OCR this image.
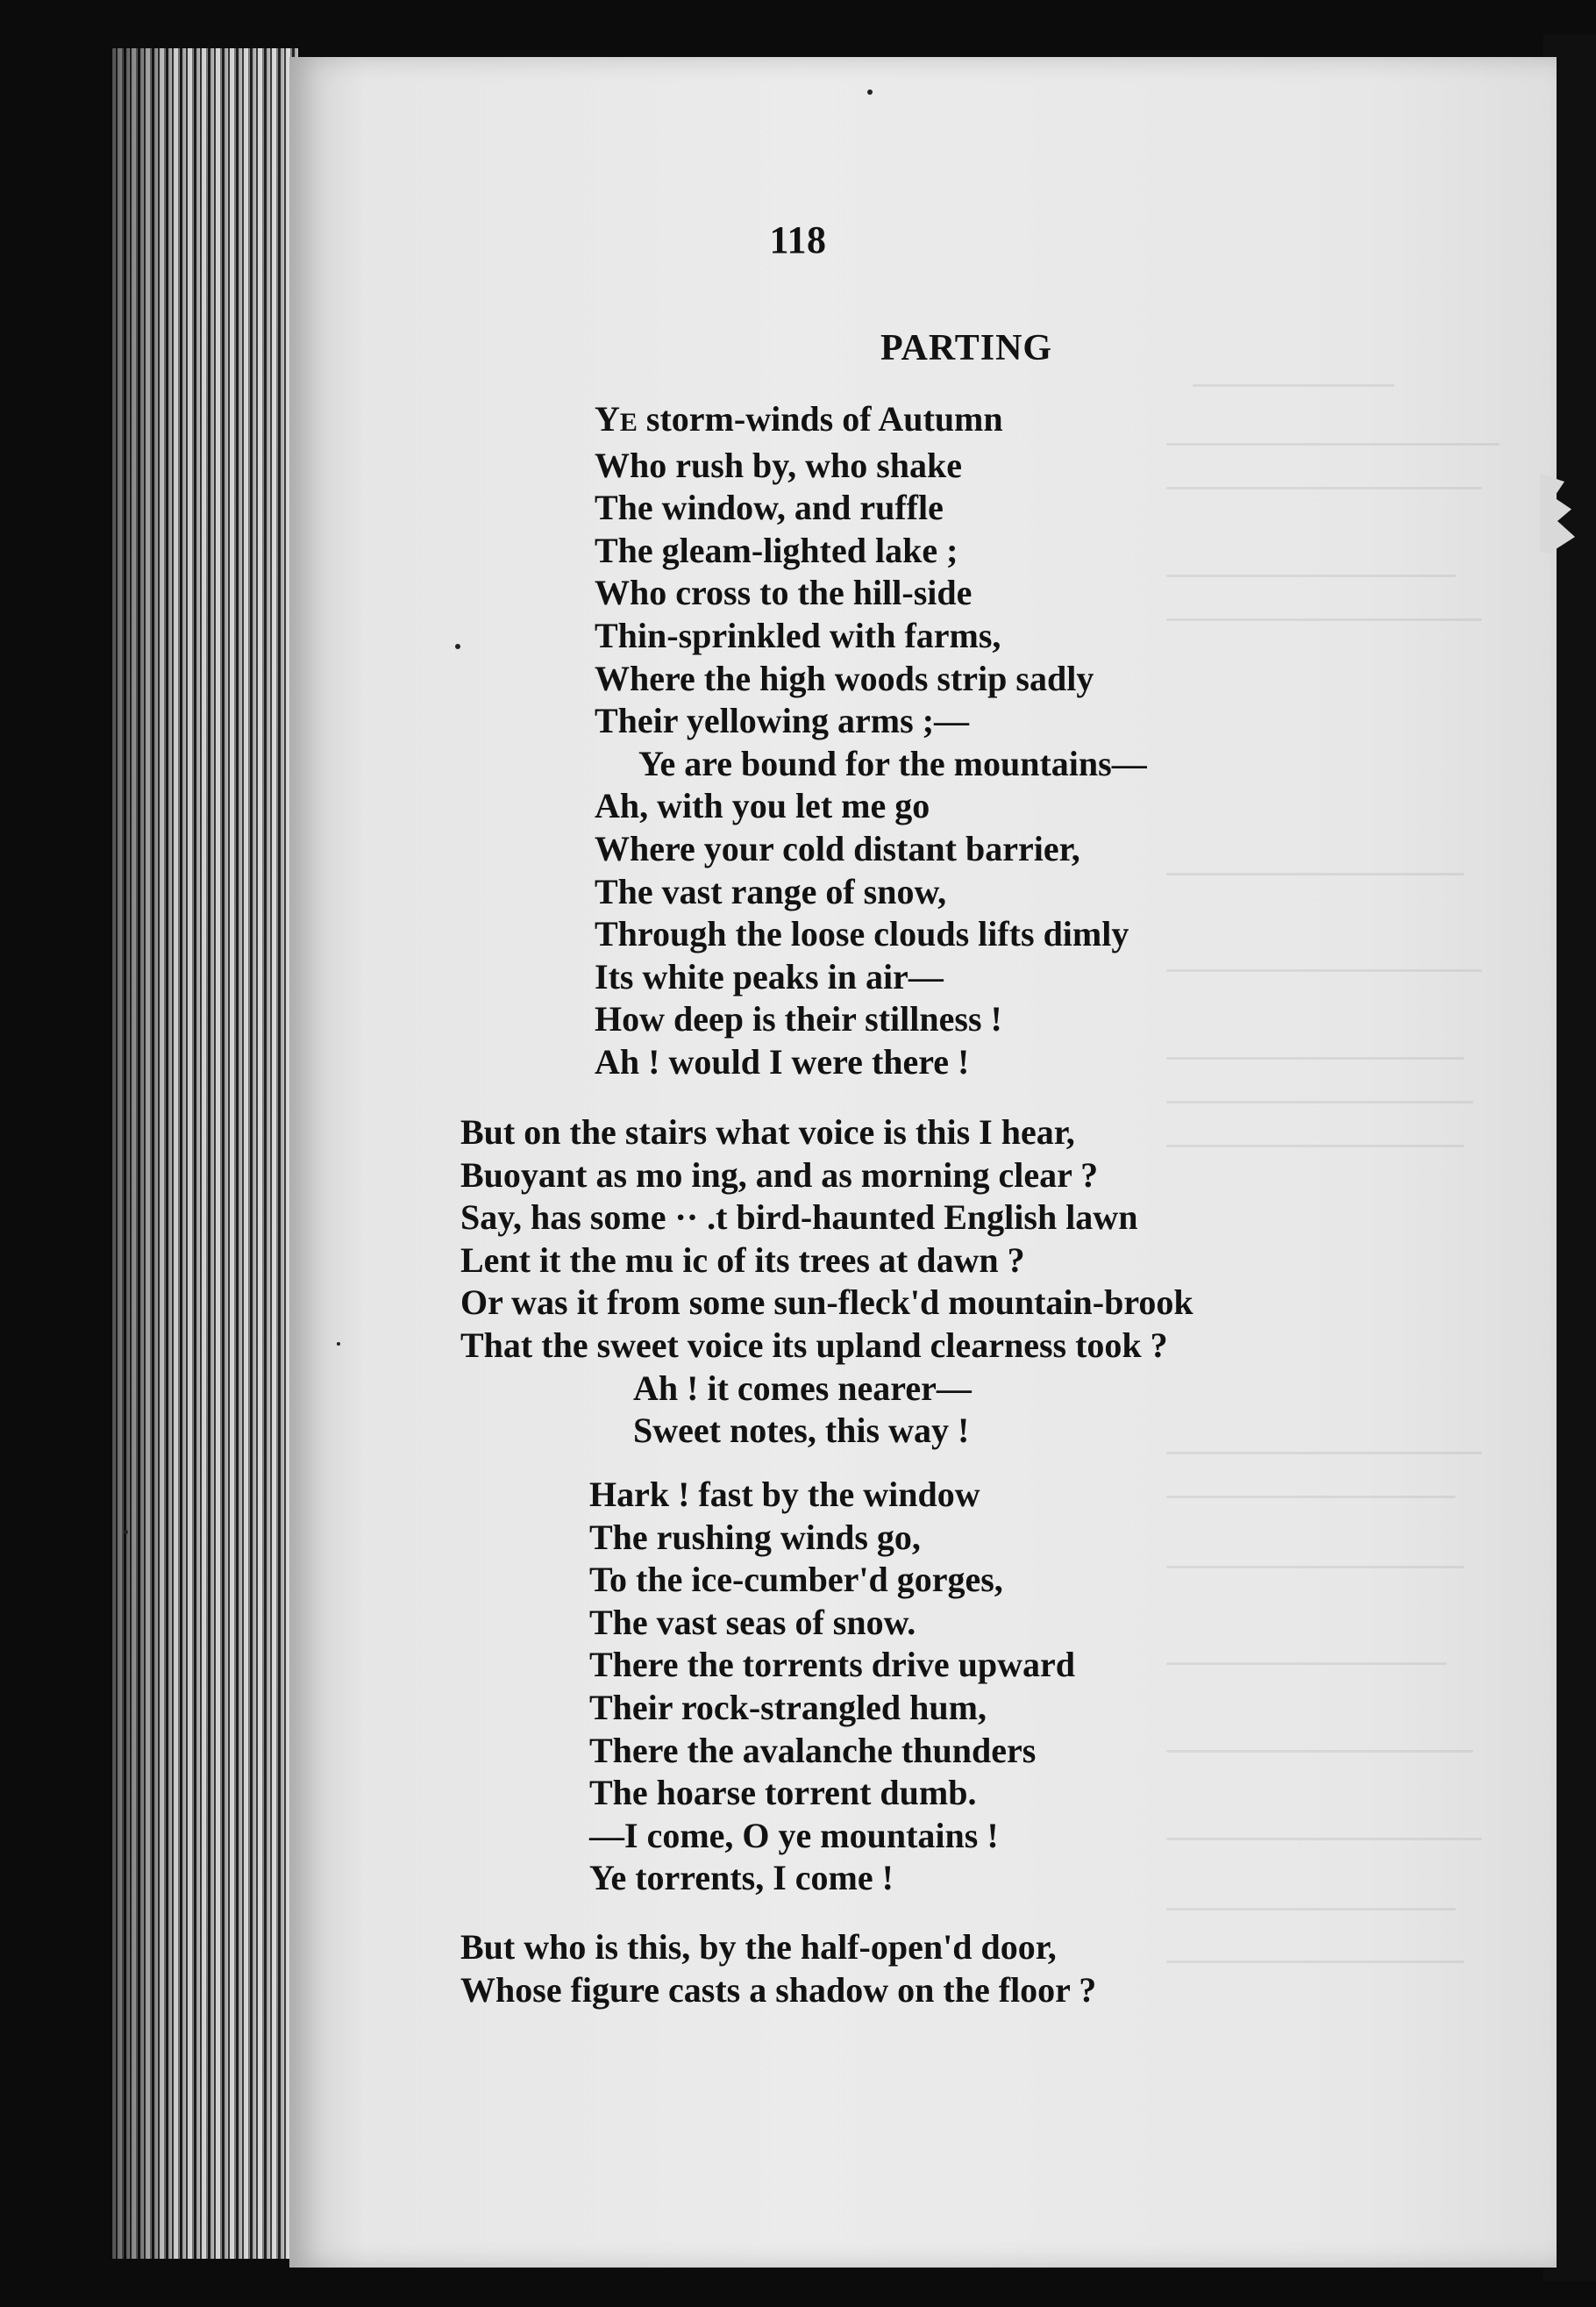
118

PARTING

YE storm-winds of Autumn
Who rush by, who shake
The window, and ruffle
The gleam-lighted lake ;
Who cross to the hill-side
Thin-sprinkled with farms,
Where the high woods strip sadly
Their yellowing arms ;—
Ye are bound for the mountains—
Ah, with you let me go
Where your cold distant barrier,
The vast range of snow,
Through the loose clouds lifts dimly
Its white peaks in air—
How deep is their stillness !
Ah ! would I were there !
But on the stairs what voice is this I hear,
Buoyant as mo ing, and as morning clear ?
Say, has some ·· .t bird-haunted English lawn
Lent it the mu ic of its trees at dawn ?
Or was it from some sun-fleck'd mountain-brook
That the sweet voice its upland clearness took ?
Ah ! it comes nearer—
Sweet notes, this way !
Hark ! fast by the window
The rushing winds go,
To the ice-cumber'd gorges,
The vast seas of snow.
There the torrents drive upward
Their rock-strangled hum,
There the avalanche thunders
The hoarse torrent dumb.
—I come, O ye mountains !
Ye torrents, I come !
But who is this, by the half-open'd door,
Whose figure casts a shadow on the floor ?
